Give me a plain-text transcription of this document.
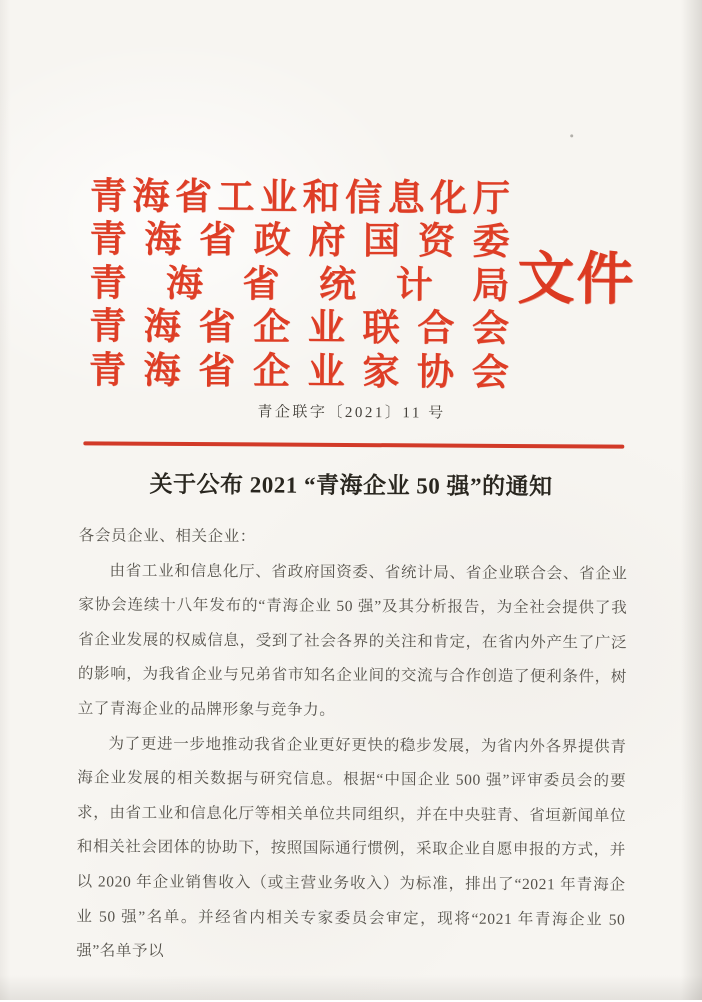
青 海 省 工 业 和 信 息 化 厅
青 海 省 政 府 国 资 委
青 海 省 统 计 局
青 海 省 企 业 联 合 会
青 海 省 企 业 家 协 会
文件
青企联字〔2021〕11 号
关于公布 2021 “青海企业 50 强”的通知

各会员企业、相关企业：

由省工业和信息化厅、省政府国资委、省统计局、省企业联合会、省企业家协会连续十八年发布的“青海企业 50 强”及其分析报告，为全社会提供了我省企业发展的权威信息，受到了社会各界的关注和肯定，在省内外产生了广泛的影响，为我省企业与兄弟省市知名企业间的交流与合作创造了便利条件，树立了青海企业的品牌形象与竞争力。

为了更进一步地推动我省企业更好更快的稳步发展，为省内外各界提供青海企业发展的相关数据与研究信息。根据“中国企业 500 强”评审委员会的要求，由省工业和信息化厅等相关单位共同组织，并在中央驻青、省垣新闻单位和相关社会团体的协助下，按照国际通行惯例，采取企业自愿申报的方式，并以 2020 年企业销售收入（或主营业务收入）为标准，排出了“2021 年青海企业 50 强”名单。并经省内相关专家委员会审定，现将“2021 年青海企业 50 强”名单予以
